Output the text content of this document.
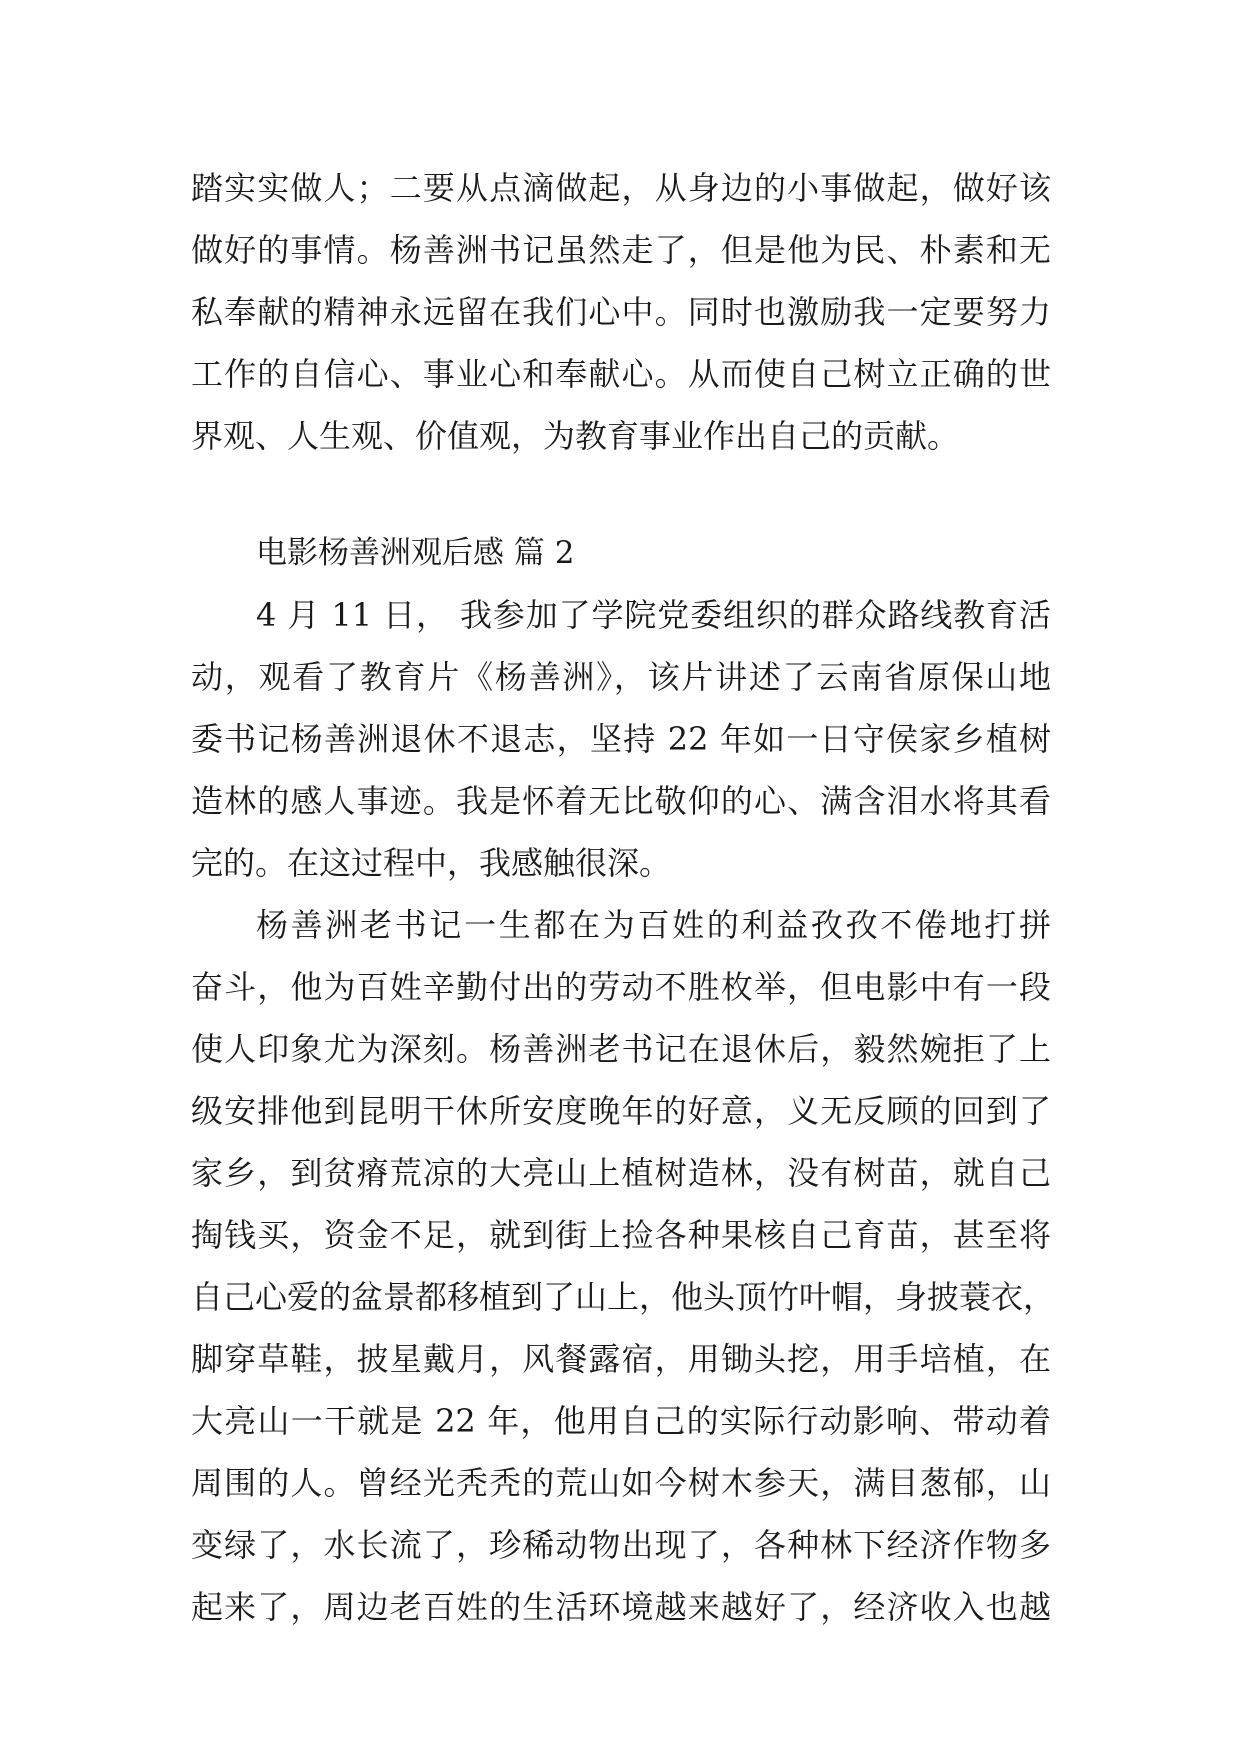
踏实实做人；二要从点滴做起，从身边的小事做起，做好该
做好的事情。杨善洲书记虽然走了，但是他为民、朴素和无
私奉献的精神永远留在我们心中。同时也激励我一定要努力
工作的自信心、事业心和奉献心。从而使自己树立正确的世
界观、人生观、价值观，为教育事业作出自己的贡献。
电影杨善洲观后感 篇 2
4 月 11 日， 我参加了学院党委组织的群众路线教育活
动，观看了教育片《杨善洲》，该片讲述了云南省原保山地
委书记杨善洲退休不退志，坚持 22 年如一日守侯家乡植树
造林的感人事迹。我是怀着无比敬仰的心、满含泪水将其看
完的。在这过程中，我感触很深。
杨善洲老书记一生都在为百姓的利益孜孜不倦地打拼
奋斗，他为百姓辛勤付出的劳动不胜枚举，但电影中有一段
使人印象尤为深刻。杨善洲老书记在退休后，毅然婉拒了上
级安排他到昆明干休所安度晚年的好意，义无反顾的回到了
家乡，到贫瘠荒凉的大亮山上植树造林，没有树苗，就自己
掏钱买，资金不足，就到街上捡各种果核自己育苗，甚至将
自己心爱的盆景都移植到了山上，他头顶竹叶帽，身披蓑衣，
脚穿草鞋，披星戴月，风餐露宿，用锄头挖，用手培植，在
大亮山一干就是 22 年，他用自己的实际行动影响、带动着
周围的人。曾经光秃秃的荒山如今树木参天，满目葱郁，山
变绿了，水长流了，珍稀动物出现了，各种林下经济作物多
起来了，周边老百姓的生活环境越来越好了，经济收入也越
